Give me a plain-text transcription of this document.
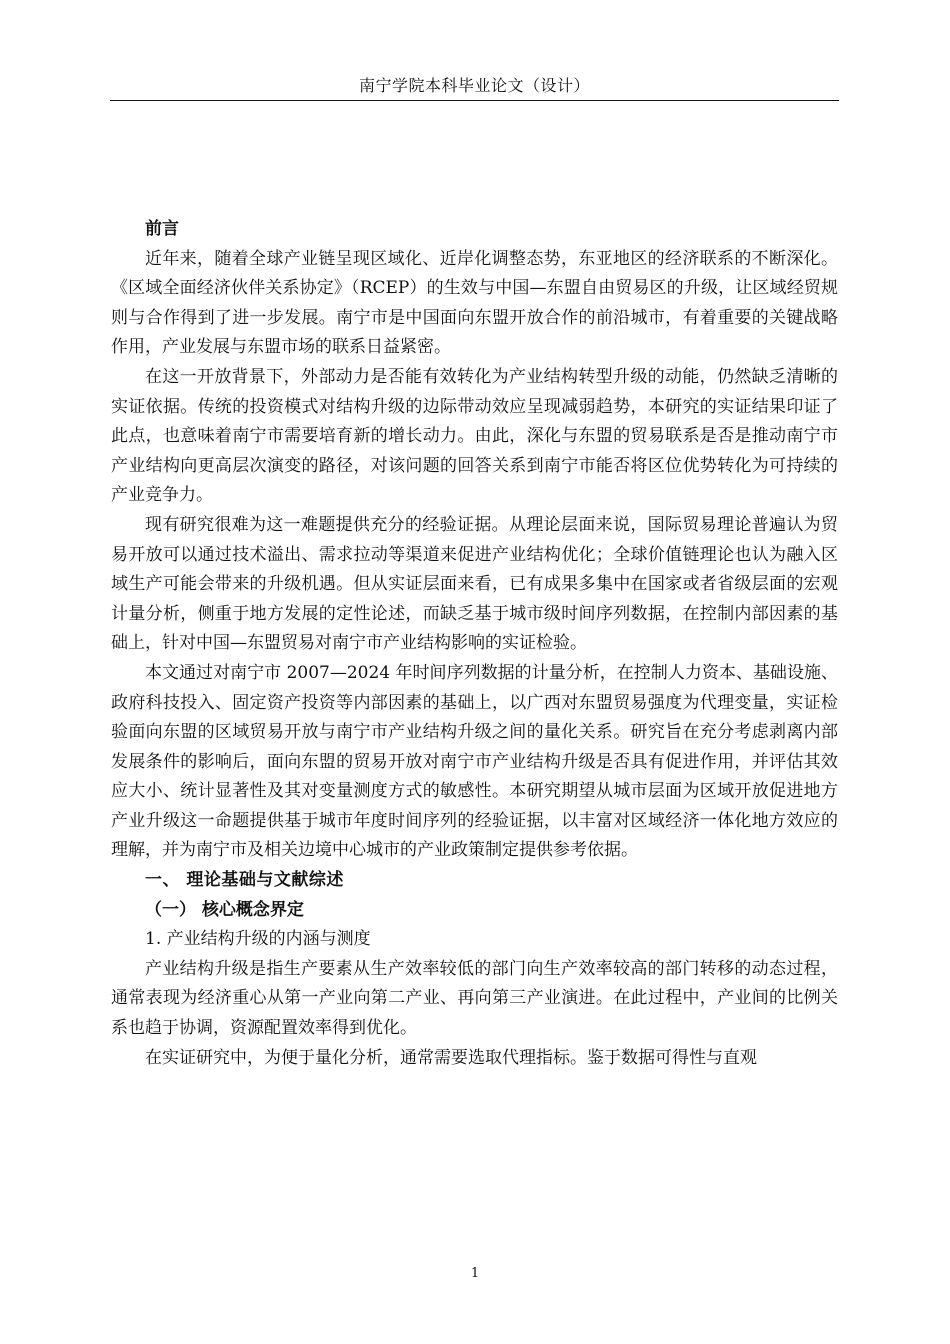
南宁学院本科毕业论文（设计）

前言

近年来，随着全球产业链呈现区域化、近岸化调整态势，东亚地区的经济联系的不断深化。《区域全面经济伙伴关系协定》（RCEP）的生效与中国—东盟自由贸易区的升级，让区域经贸规则与合作得到了进一步发展。南宁市是中国面向东盟开放合作的前沿城市，有着重要的关键战略作用，产业发展与东盟市场的联系日益紧密。

在这一开放背景下，外部动力是否能有效转化为产业结构转型升级的动能，仍然缺乏清晰的实证依据。传统的投资模式对结构升级的边际带动效应呈现减弱趋势，本研究的实证结果印证了此点，也意味着南宁市需要培育新的增长动力。由此，深化与东盟的贸易联系是否是推动南宁市产业结构向更高层次演变的路径，对该问题的回答关系到南宁市能否将区位优势转化为可持续的产业竞争力。

现有研究很难为这一难题提供充分的经验证据。从理论层面来说，国际贸易理论普遍认为贸易开放可以通过技术溢出、需求拉动等渠道来促进产业结构优化；全球价值链理论也认为融入区域生产可能会带来的升级机遇。但从实证层面来看，已有成果多集中在国家或者省级层面的宏观计量分析，侧重于地方发展的定性论述，而缺乏基于城市级时间序列数据，在控制内部因素的基础上，针对中国—东盟贸易对南宁市产业结构影响的实证检验。

本文通过对南宁市 2007—2024 年时间序列数据的计量分析，在控制人力资本、基础设施、政府科技投入、固定资产投资等内部因素的基础上，以广西对东盟贸易强度为代理变量，实证检验面向东盟的区域贸易开放与南宁市产业结构升级之间的量化关系。研究旨在充分考虑剥离内部发展条件的影响后，面向东盟的贸易开放对南宁市产业结构升级是否具有促进作用，并评估其效应大小、统计显著性及其对变量测度方式的敏感性。本研究期望从城市层面为区域开放促进地方产业升级这一命题提供基于城市年度时间序列的经验证据，以丰富对区域经济一体化地方效应的理解，并为南宁市及相关边境中心城市的产业政策制定提供参考依据。

一、 理论基础与文献综述

（一） 核心概念界定

1. 产业结构升级的内涵与测度

产业结构升级是指生产要素从生产效率较低的部门向生产效率较高的部门转移的动态过程，通常表现为经济重心从第一产业向第二产业、再向第三产业演进。在此过程中，产业间的比例关系也趋于协调，资源配置效率得到优化。

在实证研究中，为便于量化分析，通常需要选取代理指标。鉴于数据可得性与直观

1
